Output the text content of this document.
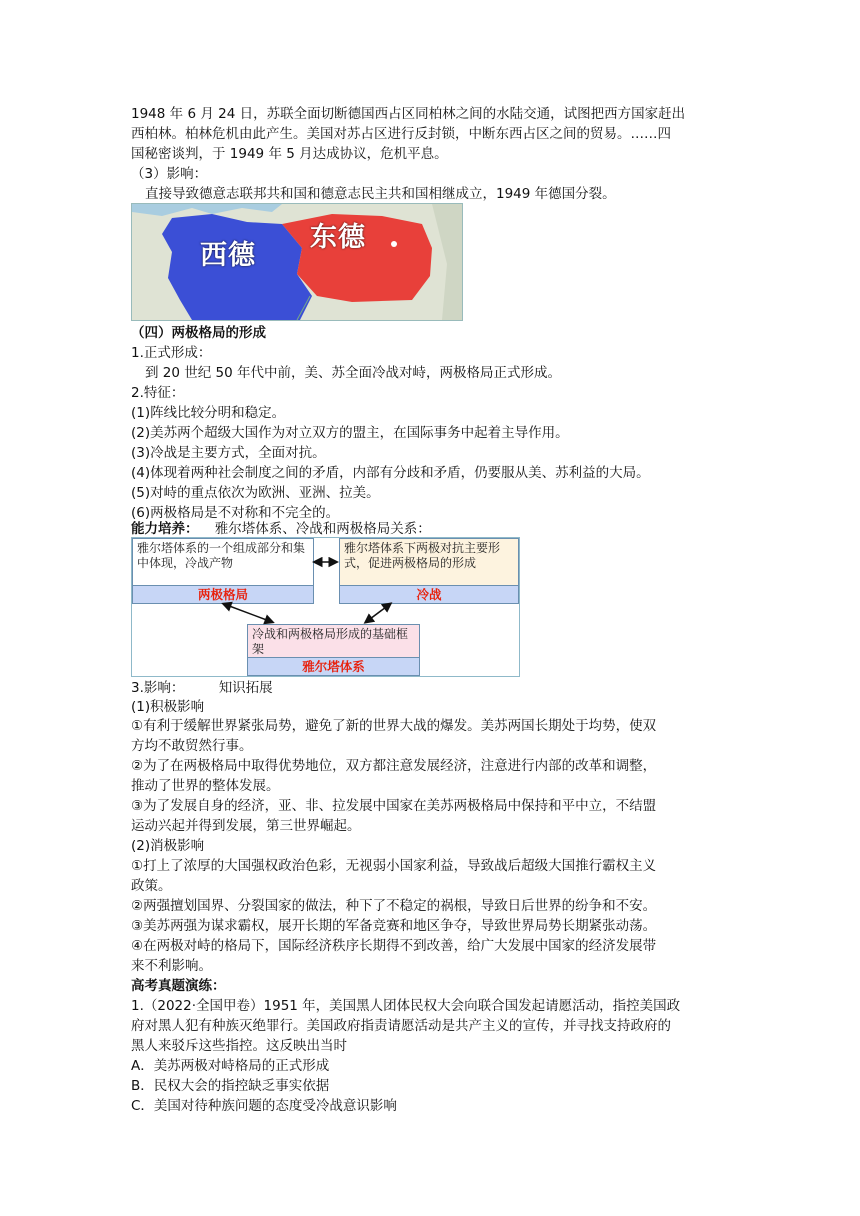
1948 年 6 月 24 日，苏联全面切断德国西占区同柏林之间的水陆交通，试图把西方国家赶出
西柏林。柏林危机由此产生。美国对苏占区进行反封锁，中断东西占区之间的贸易。……四
国秘密谈判，于 1949 年 5 月达成协议，危机平息。
（3）影响：
直接导致德意志联邦共和国和德意志民主共和国相继成立，1949 年德国分裂。
西德
东德
（四）两极格局的形成
1.正式形成：
到 20 世纪 50 年代中前，美、苏全面冷战对峙，两极格局正式形成。
2.特征：
(1)阵线比较分明和稳定。
(2)美苏两个超级大国作为对立双方的盟主，在国际事务中起着主导作用。
(3)冷战是主要方式，全面对抗。
(4)体现着两种社会制度之间的矛盾，内部有分歧和矛盾，仍要服从美、苏利益的大局。
(5)对峙的重点依次为欧洲、亚洲、拉美。
(6)两极格局是不对称和不完全的。
能力培养： 雅尔塔体系、冷战和两极格局关系：
雅尔塔体系的一个组成部分和集中体现，冷战产物
两极格局
雅尔塔体系下两极对抗主要形式，促进两极格局的形成
冷战
冷战和两极格局形成的基础框架
雅尔塔体系
3.影响：	知识拓展
(1)积极影响
①有利于缓解世界紧张局势，避免了新的世界大战的爆发。美苏两国长期处于均势，使双
方均不敢贸然行事。
②为了在两极格局中取得优势地位，双方都注意发展经济，注意进行内部的改革和调整，
推动了世界的整体发展。
③为了发展自身的经济，亚、非、拉发展中国家在美苏两极格局中保持和平中立，不结盟
运动兴起并得到发展，第三世界崛起。
(2)消极影响
①打上了浓厚的大国强权政治色彩，无视弱小国家利益，导致战后超级大国推行霸权主义
政策。
②两强擅划国界、分裂国家的做法，种下了不稳定的祸根，导致日后世界的纷争和不安。
③美苏两强为谋求霸权，展开长期的军备竞赛和地区争夺，导致世界局势长期紧张动荡。
④在两极对峙的格局下，国际经济秩序长期得不到改善，给广大发展中国家的经济发展带
来不利影响。
高考真题演练：
1.（2022·全国甲卷）1951 年，美国黑人团体民权大会向联合国发起请愿活动，指控美国政
府对黑人犯有种族灭绝罪行。美国政府指责请愿活动是共产主义的宣传，并寻找支持政府的
黑人来驳斥这些指控。这反映出当时
A．美苏两极对峙格局的正式形成
B．民权大会的指控缺乏事实依据
C．美国对待种族问题的态度受冷战意识影响
